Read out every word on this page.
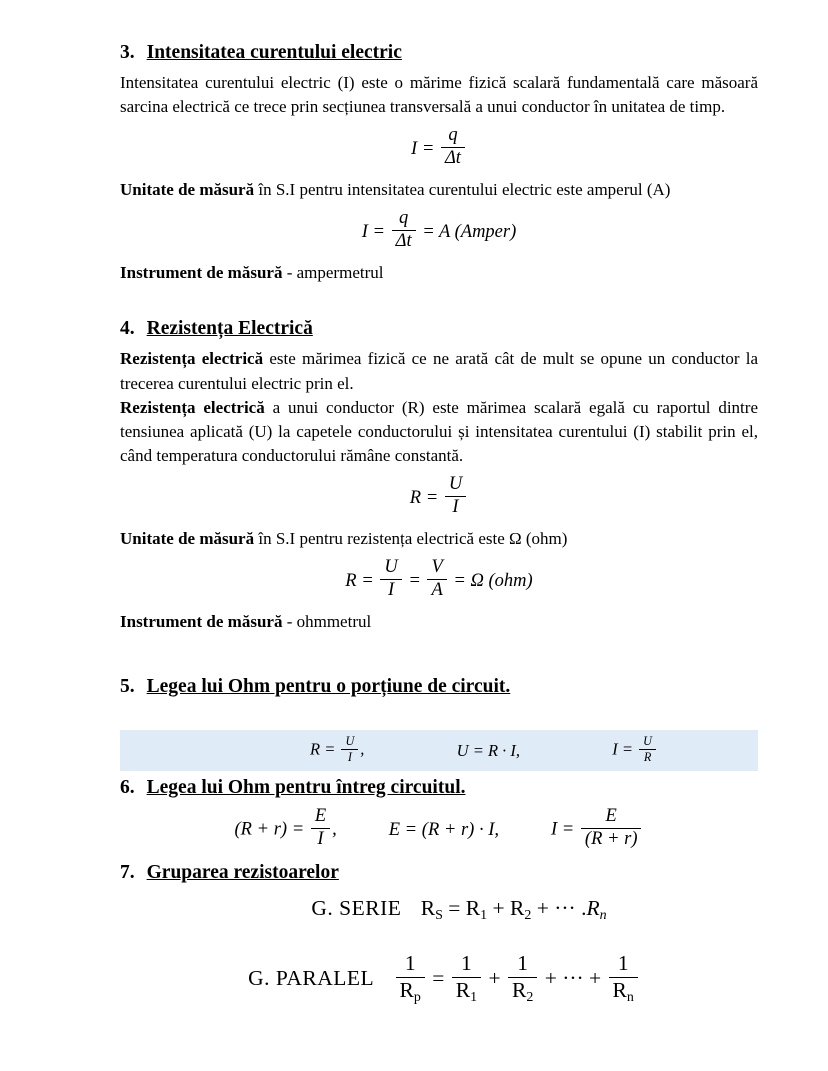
3. Intensitatea curentului electric

Intensitatea curentului electric (I) este o mărime fizică scalară fundamentală care măsoară sarcina electrică ce trece prin secțiunea transversală a unui conductor în unitatea de timp.

$I = \frac{q}{\Delta t}$

Unitate de măsură în S.I pentru intensitatea curentului electric este amperul (A)

$I = \frac{q}{\Delta t} = A$ (Amper)

Instrument de măsură - ampermetrul

4. Rezistența Electrică

Rezistența electrică este mărimea fizică ce ne arată cât de mult se opune un conductor la trecerea curentului electric prin el.

Rezistența electrică a unui conductor (R) este mărimea scalară egală cu raportul dintre tensiunea aplicată (U) la capetele conductorului și intensitatea curentului (I) stabilit prin el, când temperatura conductorului rămâne constantă.

$R = \frac{U}{I}$

Unitate de măsură în S.I pentru rezistența electrică este Ω (ohm)

$R = \frac{U}{I} = \frac{V}{A} = \Omega$ (ohm)

Instrument de măsură - ohmmetrul

5. Legea lui Ohm pentru o porțiune de circuit.
$R = \frac{U}{I}$ ,	U = R · I,	$I = \frac{U}{R}$
6. Legea lui Ohm pentru întreg circuitul.
$(R + r) = \frac{E}{I}$ ,	E = (R + r) · I,	$I = \frac{E}{(R + r)}$
7. Gruparea rezistoarelor
G. SERIE $R_S = R_1 + R_2$ + ··· $.R_n$
G. PARALEL $\frac{1}{R_p} = \frac{1}{R_1} + \frac{1}{R_2}$ + ··· + $\frac{1}{R_n}$
